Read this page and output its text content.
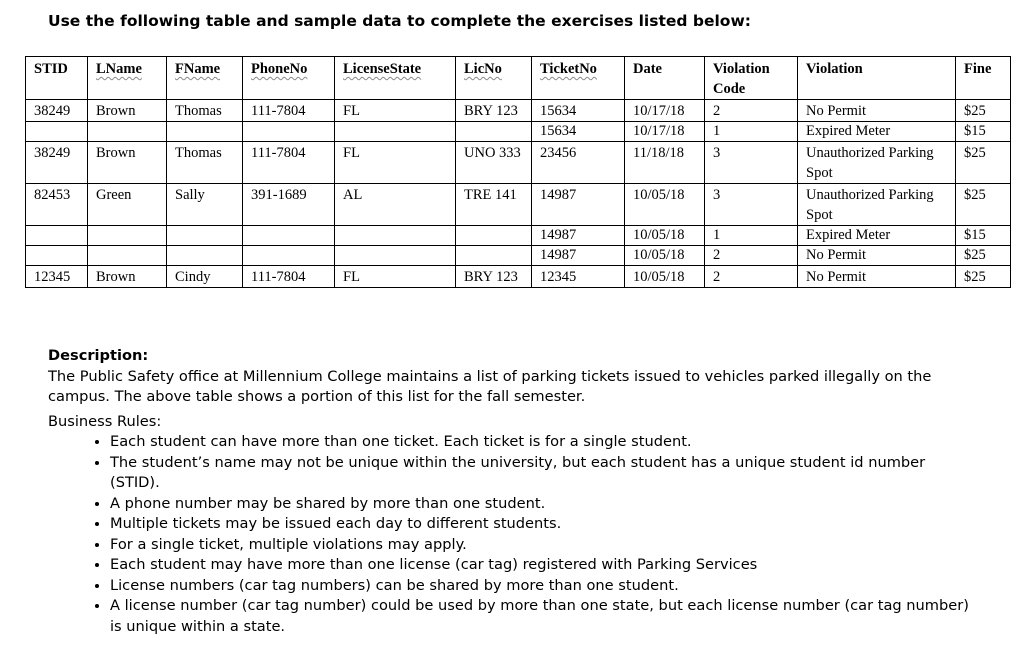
Use the following table and sample data to complete the exercises listed below:
STID	LName	FName	PhoneNo	LicenseState	LicNo	TicketNo	Date	Violation Code	Violation	Fine
38249	Brown	Thomas	111-7804	FL	BRY 123	15634	10/17/18	2	No Permit	$25
						15634	10/17/18	1	Expired Meter	$15
38249	Brown	Thomas	111-7804	FL	UNO 333	23456	11/18/18	3	Unauthorized Parking Spot	$25
82453	Green	Sally	391-1689	AL	TRE 141	14987	10/05/18	3	Unauthorized Parking Spot	$25
						14987	10/05/18	1	Expired Meter	$15
						14987	10/05/18	2	No Permit	$25
12345	Brown	Cindy	111-7804	FL	BRY 123	12345	10/05/18	2	No Permit	$25

Description:

The Public Safety office at Millennium College maintains a list of parking tickets issued to vehicles parked illegally on the campus. The above table shows a portion of this list for the fall semester.

Business Rules:

• Each student can have more than one ticket. Each ticket is for a single student.
• The student’s name may not be unique within the university, but each student has a unique student id number (STID).
• A phone number may be shared by more than one student.
• Multiple tickets may be issued each day to different students.
• For a single ticket, multiple violations may apply.
• Each student may have more than one license (car tag) registered with Parking Services
• License numbers (car tag numbers) can be shared by more than one student.
• A license number (car tag number) could be used by more than one state, but each license number (car tag number) is unique within a state.
